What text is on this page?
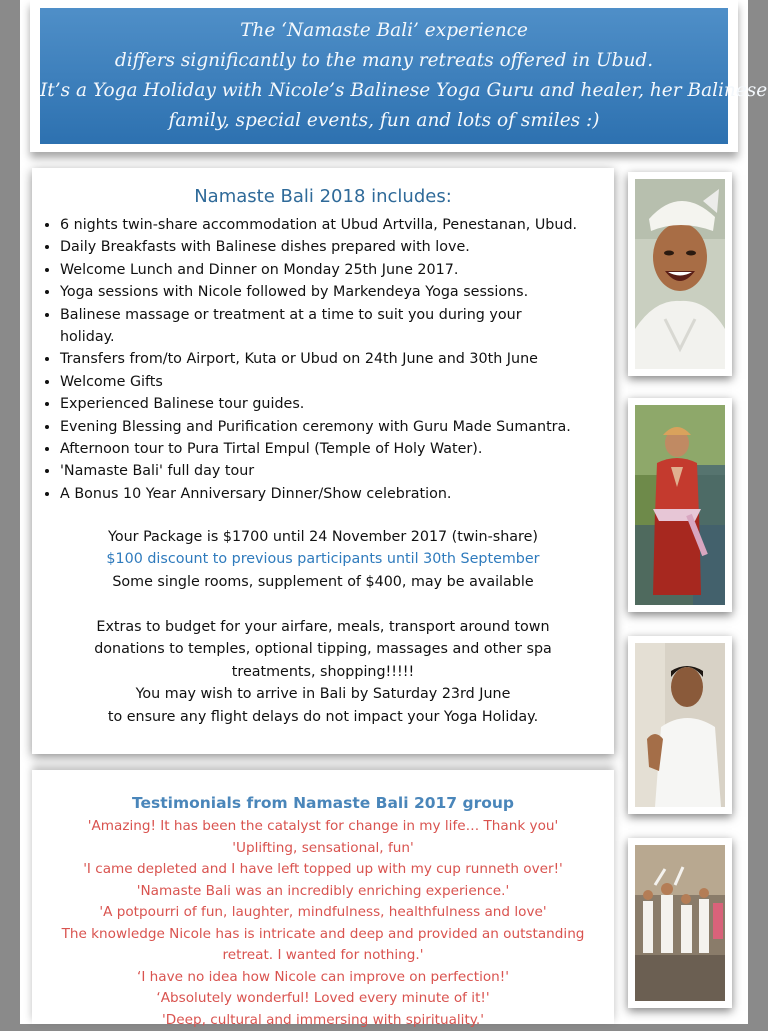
The ‘Namaste Bali’ experience
differs significantly to the many retreats offered in Ubud.
It’s a Yoga Holiday with Nicole’s Balinese Yoga Guru and healer, her Balinese
family, special events, fun and lots of smiles :)
Namaste Bali 2018 includes:
6 nights twin-share accommodation at Ubud Artvilla, Penestanan, Ubud.
Daily Breakfasts with Balinese dishes prepared with love.
Welcome Lunch and Dinner on Monday 25th June 2017.
Yoga sessions with Nicole followed by Markendeya Yoga sessions.
Balinese massage or treatment at a time to suit you during your
holiday.
Transfers from/to Airport, Kuta or Ubud on 24th June and 30th June
Welcome Gifts
Experienced Balinese tour guides.
Evening Blessing and Purification ceremony with Guru Made Sumantra.
Afternoon tour to Pura Tirtal Empul (Temple of Holy Water).
'Namaste Bali' full day tour
A Bonus 10 Year Anniversary Dinner/Show celebration.
Your Package is $1700 until 24 November 2017 (twin-share)
$100 discount to previous participants until 30th September
Some single rooms, supplement of $400, may be available
Extras to budget for your airfare, meals, transport around town
donations to temples, optional tipping, massages and other spa
treatments, shopping!!!!!
You may wish to arrive in Bali by Saturday 23rd June
to ensure any flight delays do not impact your Yoga Holiday.
Testimonials from Namaste Bali 2017 group
'Amazing! It has been the catalyst for change in my life… Thank you'
'Uplifting, sensational, fun'
'I came depleted and I have left topped up with my cup runneth over!'
'Namaste Bali was an incredibly enriching experience.'
'A potpourri of fun, laughter, mindfulness, healthfulness and love'
The knowledge Nicole has is intricate and deep and provided an outstanding
retreat. I wanted for nothing.'
‘I have no idea how Nicole can improve on perfection!'
‘Absolutely wonderful! Loved every minute of it!'
'Deep, cultural and immersing with spirituality.'
